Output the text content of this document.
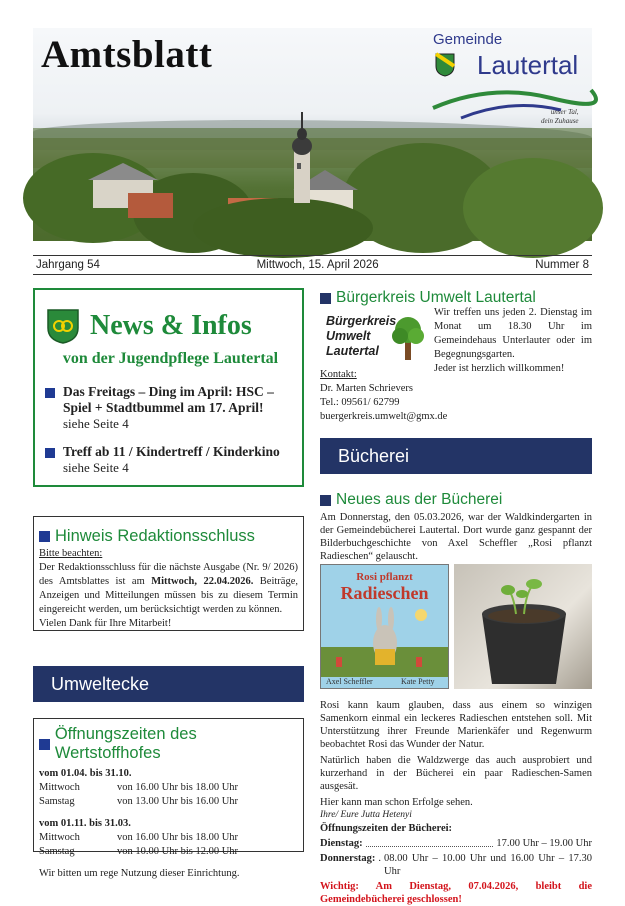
Amtsblatt	Gemeinde
Lautertal
unser Tal,
dein Zuhause
Jahrgang 54	Mittwoch, 15. April 2026	Nummer 8
News & Infos
von der Jugendpflege Lautertal
Das Freitags – Ding im April: HSC – Spiel + Stadtbummel am 17. April!
siehe Seite 4
Treff ab 11 / Kindertreff / Kinderkino
siehe Seite 4
Hinweis Redaktionsschluss
Bitte beachten:
Der Redaktionsschluss für die nächste Ausgabe (Nr. 9/ 2026) des Amtsblattes ist am Mittwoch, 22.04.2026. Beiträge, Anzeigen und Mitteilungen müssen bis zu diesem Termin eingereicht werden, um berücksichtigt werden zu können.
Vielen Dank für Ihre Mitarbeit!
Umweltecke
Öffnungszeiten des Wertstoffhofes
vom 01.04. bis 31.10.
Mittwoch	von 16.00 Uhr bis 18.00 Uhr
Samstag	von 13.00 Uhr bis 16.00 Uhr
vom 01.11. bis 31.03.
Mittwoch	von 16.00 Uhr bis 18.00 Uhr
Samstag	von 10.00 Uhr bis 12.00 Uhr
Wir bitten um rege Nutzung dieser Einrichtung.
Bürgerkreis Umwelt Lautertal
Bürgerkreis
Umwelt
Lautertal
Wir treffen uns jeden 2. Dienstag im Monat um 18.30 Uhr im Gemeindehaus Unterlauter oder im Begegnungsgarten.
Jeder ist herzlich willkommen!
Kontakt:
Dr. Marten Schrievers
Tel.: 09561/ 62799
buergerkreis.umwelt@gmx.de
Bücherei
Neues aus der Bücherei
Am Donnerstag, den 05.03.2026, war der Waldkindergarten in der Gemeindebücherei Lautertal. Dort wurde ganz gespannt der Bilderbuchgeschichte von Axel Scheffler „Rosi pflanzt Radieschen“ gelauscht.
Rosi pflanzt
Radieschen
Axel Scheffler	Kate Petty
Rosi kann kaum glauben, dass aus einem so winzigen Samenkorn einmal ein leckeres Radieschen entstehen soll. Mit Unterstützung ihrer Freunde Marienkäfer und Regenwurm beobachtet Rosi das Wunder der Natur.
Natürlich haben die Waldzwerge das auch ausprobiert und kurzerhand in der Bücherei ein paar Radieschen-Samen ausgesät.
Hier kann man schon Erfolge sehen.
Ihre/ Eure Jutta Hetenyi
Öffnungszeiten der Bücherei:
Dienstag:	17.00 Uhr – 19.00 Uhr
Donnerstag: . 08.00 Uhr – 10.00 Uhr und 16.00 Uhr – 17.30 Uhr
Wichtig: Am Dienstag, 07.04.2026, bleibt die Gemeindebücherei geschlossen!
